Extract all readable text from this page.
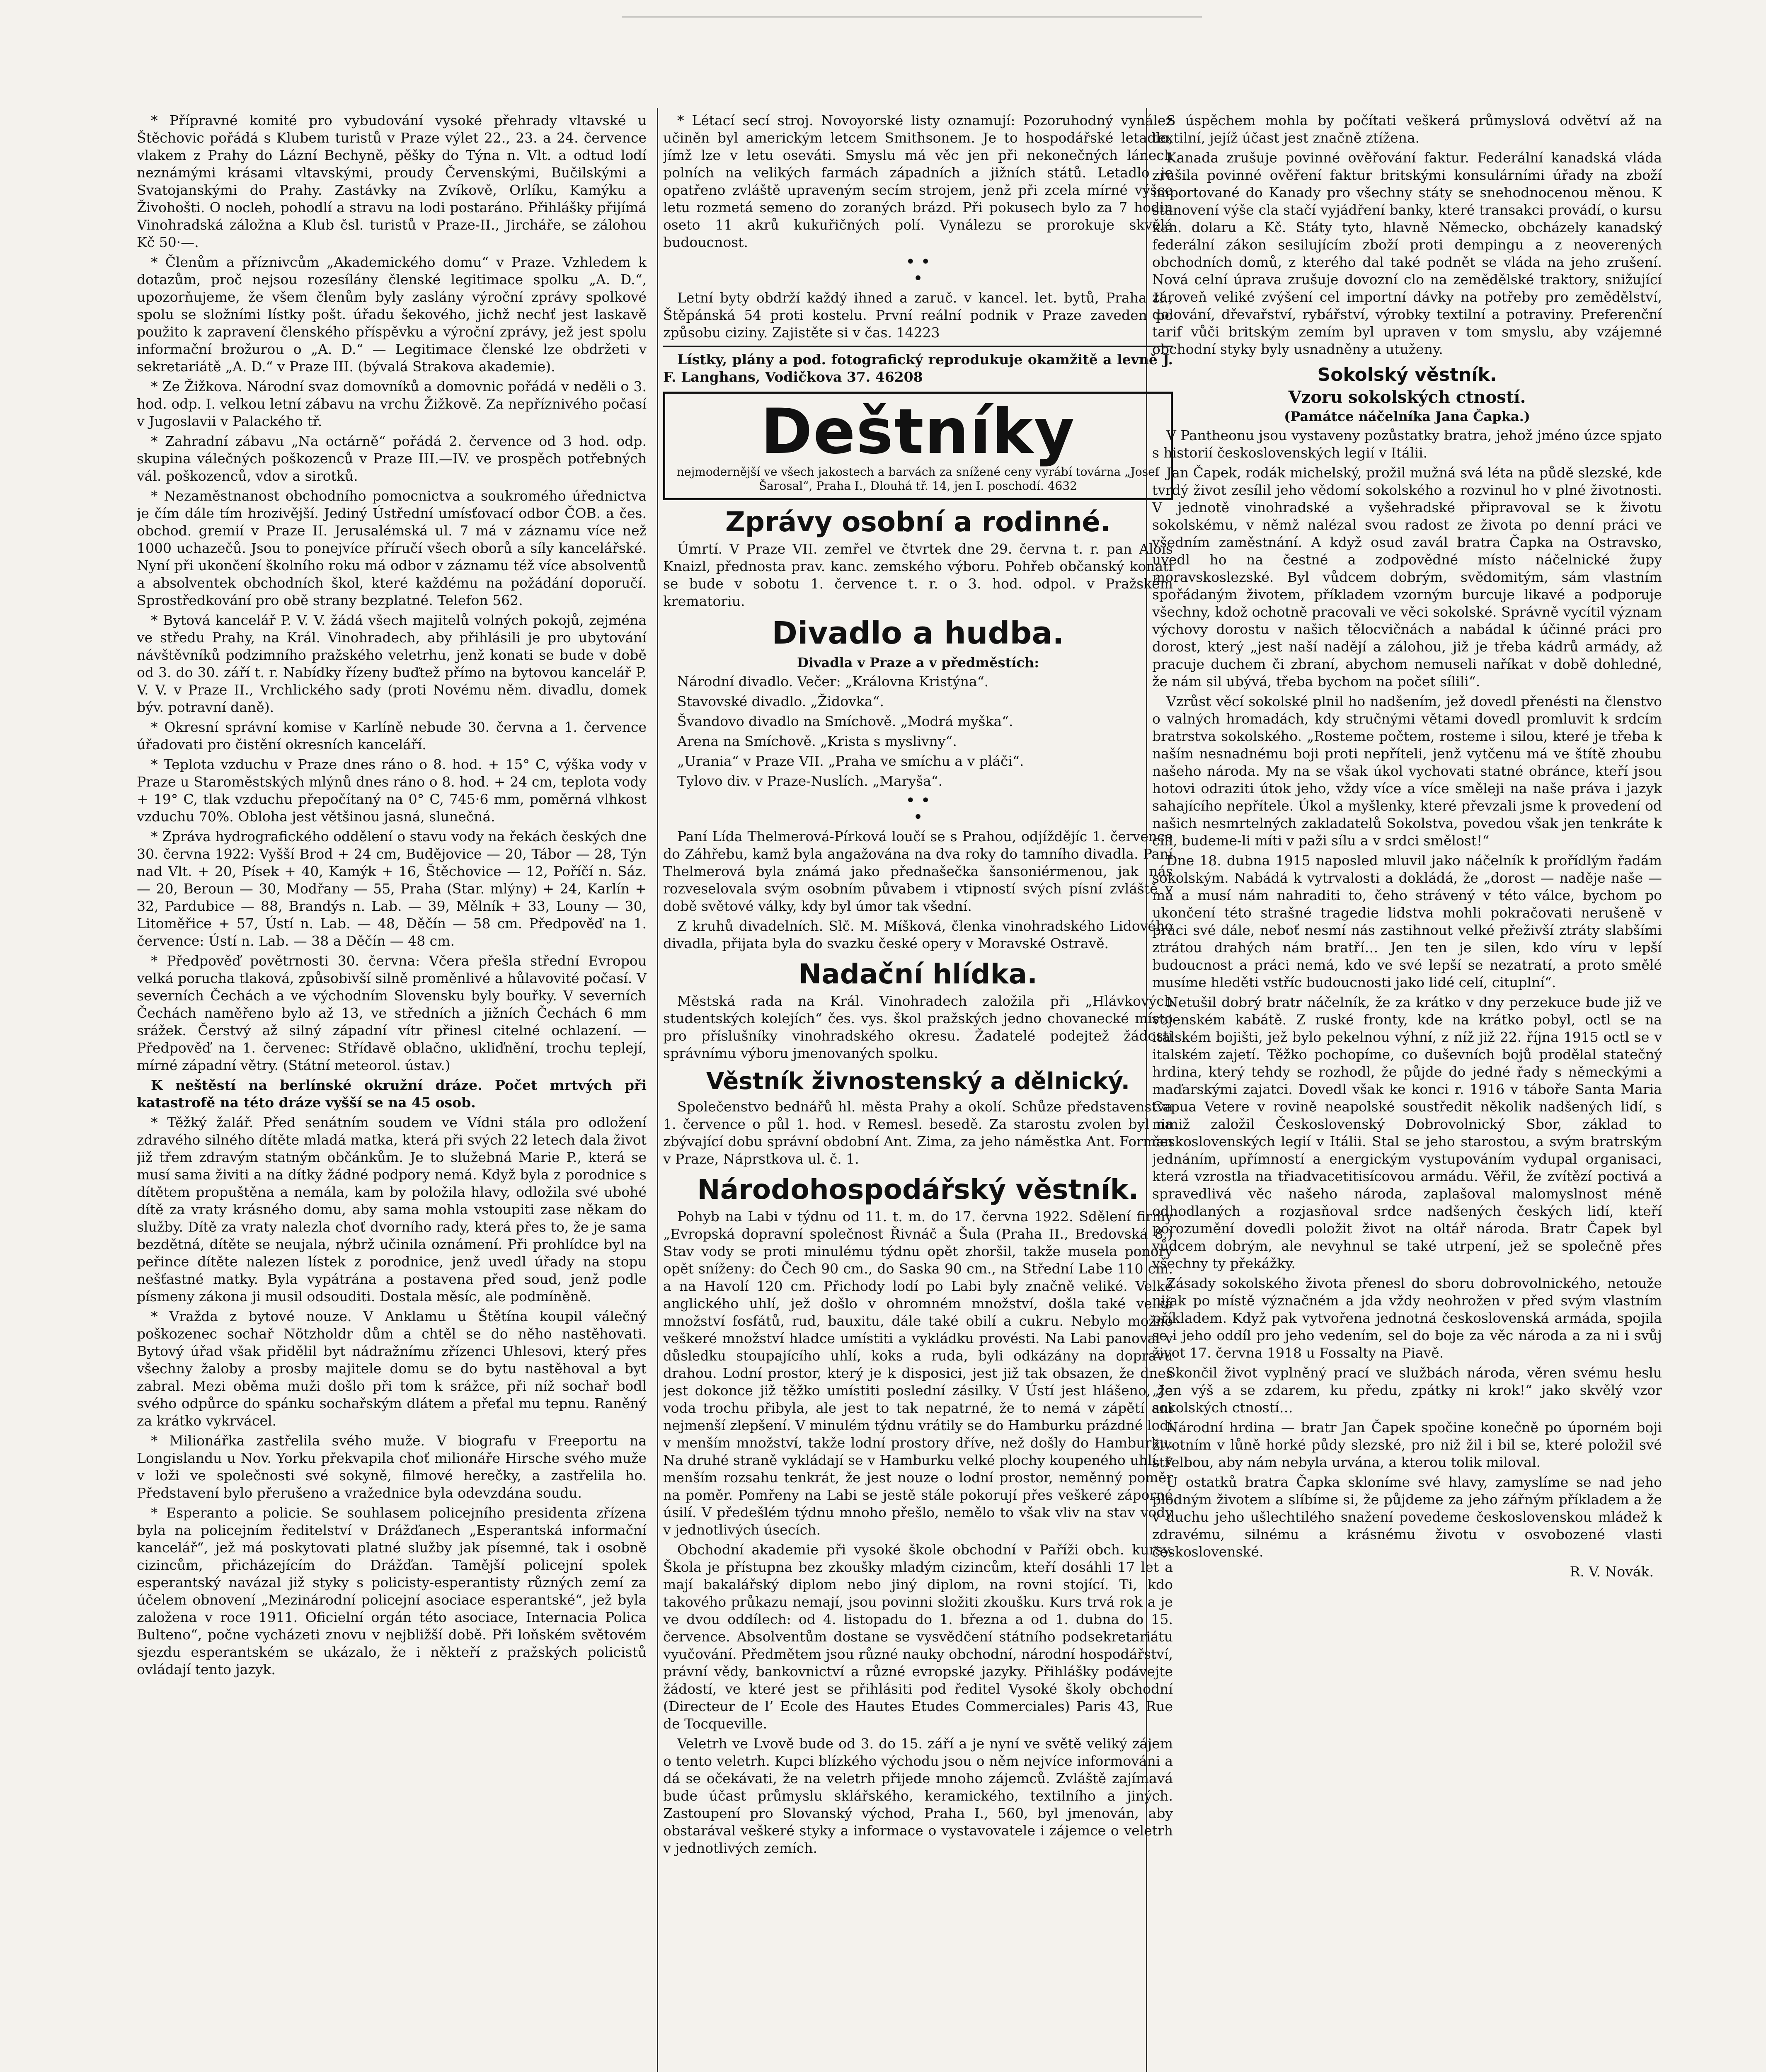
* Přípravné komité pro vybudování vysoké přehrady vltavské u Štěchovic pořádá s Klubem turistů v Praze výlet 22., 23. a 24. července vlakem z Prahy do Lázní Bechyně, pěšky do Týna n. Vlt. a odtud lodí neznámými krásami vltavskými, proudy Červenskými, Bučilskými a Svatojanskými do Prahy. Zastávky na Zvíkově, Orlíku, Kamýku a Živohošti. O nocleh, pohodlí a stravu na lodi postaráno. Přihlášky přijímá Vinohradská záložna a Klub čsl. turistů v Praze-II., Jircháře, se zálohou Kč 50·—.

* Členům a příznivcům „Akademického domu“ v Praze. Vzhledem k dotazům, proč nejsou rozesílány členské legitimace spolku „A. D.“, upozorňujeme, že všem členům byly zaslány výroční zprávy spolkové spolu se složními lístky pošt. úřadu šekového, jichž nechť jest laskavě použito k zapravení členského příspěvku a výroční zprávy, jež jest spolu informační brožurou o „A. D.“ — Legitimace členské lze obdržeti v sekretariátě „A. D.“ v Praze III. (bývalá Strakova akademie).

* Ze Žižkova. Národní svaz domovníků a domovnic pořádá v neděli o 3. hod. odp. I. velkou letní zábavu na vrchu Žižkově. Za nepříznivého počasí v Jugoslavii v Palackého tř.

* Zahradní zábavu „Na octárně“ pořádá 2. července od 3 hod. odp. skupina válečných poškozenců v Praze III.—IV. ve prospěch potřebných vál. poškozenců, vdov a sirotků.

* Nezaměstnanost obchodního pomocnictva a soukromého úřednictva je čím dále tím hrozivější. Jediný Ústřední umísťovací odbor ČOB. a čes. obchod. gremií v Praze II. Jerusalémská ul. 7 má v záznamu více než 1000 uchazečů. Jsou to ponejvíce příručí všech oborů a síly kancelářské. Nyní při ukončení školního roku má odbor v záznamu též více absolventů a absolventek obchodních škol, které každému na požádání doporučí. Sprostředkování pro obě strany bezplatné. Telefon 562.

* Bytová kancelář P. V. V. žádá všech majitelů volných pokojů, zejména ve středu Prahy, na Král. Vinohradech, aby přihlásili je pro ubytování návštěvníků podzimního pražského veletrhu, jenž konati se bude v době od 3. do 30. září t. r. Nabídky řízeny buďtež přímo na bytovou kancelář P. V. V. v Praze II., Vrchlického sady (proti Novému něm. divadlu, domek býv. potravní daně).

* Okresní správní komise v Karlíně nebude 30. června a 1. července úřadovati pro čistění okresních kanceláří.

* Teplota vzduchu v Praze dnes ráno o 8. hod. + 15° C, výška vody v Praze u Staroměstských mlýnů dnes ráno o 8. hod. + 24 cm, teplota vody + 19° C, tlak vzduchu přepočítaný na 0° C, 745·6 mm, poměrná vlhkost vzduchu 70%. Obloha jest většinou jasná, slunečná.

* Zpráva hydrografického oddělení o stavu vody na řekách českých dne 30. června 1922: Vyšší Brod + 24 cm, Budějovice — 20, Tábor — 28, Týn nad Vlt. + 20, Písek + 40, Kamýk + 16, Štěchovice — 12, Poříčí n. Sáz. — 20, Beroun — 30, Modřany — 55, Praha (Star. mlýny) + 24, Karlín + 32, Pardubice — 88, Brandýs n. Lab. — 39, Mělník + 33, Louny — 30, Litoměřice + 57, Ústí n. Lab. — 48, Děčín — 58 cm. Předpověď na 1. července: Ústí n. Lab. — 38 a Děčín — 48 cm.

* Předpověď povětrnosti 30. června: Včera přešla střední Evropou velká porucha tlaková, způsobivší silně proměnlivé a hůlavovité počasí. V severních Čechách a ve východním Slovensku byly bouřky. V severních Čechách naměřeno bylo až 13, ve středních a jižních Čechách 6 mm srážek. Čerstvý až silný západní vítr přinesl citelné ochlazení. — Předpověď na 1. červenec: Střídavě oblačno, ukliďnění, trochu teplejí, mírné západní větry. (Státní meteorol. ústav.)

K neštěstí na berlínské okružní dráze. Počet mrtvých při katastrofě na této dráze vyšší se na 45 osob.

* Těžký žalář. Před senátním soudem ve Vídni stála pro odložení zdravého silného dítěte mladá matka, která při svých 22 letech dala život již třem zdravým statným občánkům. Je to služebná Marie P., která se musí sama živiti a na dítky žádné podpory nemá. Když byla z porodnice s dítětem propuštěna a nemála, kam by položila hlavy, odložila své ubohé dítě za vraty krásného domu, aby sama mohla vstoupiti zase někam do služby. Dítě za vraty nalezla choť dvorního rady, která přes to, že je sama bezdětná, dítěte se neujala, nýbrž učinila oznámení. Při prohlídce byl na peřince dítěte nalezen lístek z porodnice, jenž uvedl úřady na stopu nešťastné matky. Byla vypátrána a postavena před soud, jenž podle písmeny zákona ji musil odsouditi. Dostala měsíc, ale podmíněně.

* Vražda z bytové nouze. V Anklamu u Štětína koupil válečný poškozenec sochař Nötzholdr dům a chtěl se do něho nastěhovati. Bytový úřad však přidělil byt nádražnímu zřízenci Uhlesovi, který přes všechny žaloby a prosby majitele domu se do bytu nastěhoval a byt zabral. Mezi oběma muži došlo při tom k srážce, při níž sochař bodl svého odpůrce do spánku sochařským dlátem a přeťal mu tepnu. Raněný za krátko vykrvácel.

* Milionářka zastřelila svého muže. V biografu v Freeportu na Longislandu u Nov. Yorku překvapila choť milionáře Hirsche svého muže v loži ve společnosti své sokyně, filmové herečky, a zastřelila ho. Představení bylo přerušeno a vražednice byla odevzdána soudu.

* Esperanto a policie. Se souhlasem policejního presidenta zřízena byla na policejním ředitelství v Drážďanech „Esperantská informační kancelář“, jež má poskytovati platné služby jak písemné, tak i osobně cizincům, přicházejícím do Drážďan. Tamější policejní spolek esperantský navázal již styky s policisty-esperantisty různých zemí za účelem obnovení „Mezinárodní policejní asociace esperantské“, jež byla založena v roce 1911. Oficielní orgán této asociace, Internacia Polica Bulteno“, počne vycházeti znovu v nejbližší době. Při loňském světovém sjezdu esperantském se ukázalo, že i někteří z pražských policistů ovládají tento jazyk.

* Létací secí stroj. Novoyorské listy oznamují: Pozoruhodný vynález učiněn byl americkým letcem Smithsonem. Je to hospodářské letadlo, jímž lze v letu oseváti. Smyslu má věc jen při nekonečných lánech polních na velikých farmách západních a jižních států. Letadlo je opatřeno zvláště upraveným secím strojem, jenž při zcela mírné výšce letu rozmetá semeno do zoraných brázd. Při pokusech bylo za 7 hodin oseto 11 akrů kukuřičných polí. Vynálezu se prorokuje skvělá budoucnost.

• •
•

Letní byty obdrží každý ihned a zaruč. v kancel. let. bytů, Praha II., Štěpánská 54 proti kostelu. První reální podnik v Praze zaveden po způsobu ciziny. Zajistěte si v čas. 14223

Lístky, plány a pod. fotografický reprodukuje okamžitě a levně J. F. Langhans, Vodičkova 37. 46208

Deštníky
nejmodernější ve všech jakostech a barvách za snížené ceny vyrábí továrna „Josef Šarosal“, Praha I., Dlouhá tř. 14, jen I. poschodí. 4632
Zprávy osobní a rodinné.

Úmrtí. V Praze VII. zemřel ve čtvrtek dne 29. června t. r. pan Alois Knaizl, přednosta prav. kanc. zemského výboru. Pohřeb občanský konati se bude v sobotu 1. července t. r. o 3. hod. odpol. v Pražském krematoriu.

Divadlo a hudba.
Divadla v Praze a v předměstích:

Národní divadlo. Večer: „Královna Kristýna“.

Stavovské divadlo. „Židovka“.

Švandovo divadlo na Smíchově. „Modrá myška“.

Arena na Smíchově. „Krista s myslivny“.

„Urania“ v Praze VII. „Praha ve smíchu a v pláči“.

Tylovo div. v Praze-Nuslích. „Maryša“.

• •
•

Paní Lída Thelmerová-Pírková loučí se s Prahou, odjíždějíc 1. července do Záhřebu, kamž byla angažována na dva roky do tamního divadla. Paní Thelmerová byla známá jako přednašečka šansoniérmenou, jak nás rozveselovala svým osobním půvabem i vtipností svých písní zvláště v době světové války, kdy byl úmor tak všední.

Z kruhů divadelních. Slč. M. Míšková, členka vinohradského Lidového divadla, přijata byla do svazku české opery v Moravské Ostravě.

Nadační hlídka.

Městská rada na Král. Vinohradech založila při „Hlávkových studentských kolejích“ čes. vys. škol pražských jedno chovanecké místo pro příslušníky vinohradského okresu. Žadatelé podejtež žádosti správnímu výboru jmenovaných spolku.

Věstník živnostenský a dělnický.

Společenstvo bednářů hl. města Prahy a okolí. Schůze představenstva 1. července o půl 1. hod. v Remesl. besedě. Za starostu zvolen byl na zbývající dobu správní obdobní Ant. Zima, za jeho náměstka Ant. Forman v Praze, Náprstkova ul. č. 1.

Národohospodářský věstník.

Pohyb na Labi v týdnu od 11. t. m. do 17. června 1922. Sdělení firmy „Evropská dopravní společnost Řivnáč a Šula (Praha II., Bredovská 8.) Stav vody se proti minulému týdnu opět zhoršil, takže musela ponory opět sníženy: do Čech 90 cm., do Saska 90 cm., na Střední Labe 110 cm. a na Havolí 120 cm. Přichody lodí po Labi byly značně veliké. Velké anglického uhlí, jež došlo v ohromném množství, došla také velká množství fosfátů, rud, bauxitu, dále také obilí a cukru. Nebylo možno veškeré množství hladce umístiti a vykládku provésti. Na Labi panoval v důsledku stoupajícího uhlí, koks a ruda, byli odkázány na dopravu drahou. Lodní prostor, který je k disposici, jest již tak obsazen, že dnes jest dokonce již těžko umístiti poslední zásilky. V Ústí jest hlášeno, že voda trochu přibyla, ale jest to tak nepatrné, že to nemá v zápětí ani nejmenší zlepšení. V minulém týdnu vrátily se do Hamburku prázdné lodi v menším množství, takže lodní prostory dříve, než došly do Hamburku. Na druhé straně vykládají se v Hamburku velké plochy koupeného uhlí, v menším rozsahu tenkrát, že jest nouze o lodní prostor, neměnný poměr na poměr. Pomřeny na Labi se jestě stále pokorují přes veškeré záporné úsilí. V předešlém týdnu mnoho přešlo, nemělo to však vliv na stav vody v jednotlivých úsecích.

Obchodní akademie při vysoké škole obchodní v Paříži obch. kursy. Škola je přístupna bez zkoušky mladým cizincům, kteří dosáhli 17 let a mají bakalářský diplom nebo jiný diplom, na rovni stojící. Ti, kdo takového průkazu nemají, jsou povinni složiti zkoušku. Kurs trvá rok a je ve dvou oddílech: od 4. listopadu do 1. března a od 1. dubna do 15. července. Absolventům dostane se vysvědčení státního podsekretariátu vyučování. Předmětem jsou různé nauky obchodní, národní hospodářství, právní vědy, bankovnictví a různé evropské jazyky. Přihlášky podávejte žádostí, ve které jest se přihlásiti pod ředitel Vysoké školy obchodní (Directeur de l’ Ecole des Hautes Etudes Commerciales) Paris 43, Rue de Tocqueville.

Veletrh ve Lvově bude od 3. do 15. září a je nyní ve světě veliký zájem o tento veletrh. Kupci blízkého východu jsou o něm nejvíce informováni a dá se očekávati, že na veletrh přijede mnoho zájemců. Zvláště zajímavá bude účast průmyslu sklářského, keramického, textilního a jiných. Zastoupení pro Slovanský východ, Praha I., 560, byl jmenován, aby obstarával veškeré styky a informace o vystavovatele i zájemce o veletrh v jednotlivých zemích.

S úspěchem mohla by počítati veškerá průmyslová odvětví až na textilní, jejíž účast jest značně ztížena.

Kanada zrušuje povinné ověřování faktur. Federální kanadská vláda zrušila povinné ověření faktur britskými konsulárními úřady na zboží importované do Kanady pro všechny státy se snehodnocenou měnou. K stanovení výše cla stačí vyjádření banky, které transakci provádí, o kursu kan. dolaru a Kč. Státy tyto, hlavně Německo, obcházely kanadský federální zákon sesilujícím zboží proti dempingu a z neoverených obchodních domů, z kterého dal také podnět se vláda na jeho zrušení. Nová celní úprava zrušuje dovozní clo na zemědělské traktory, snižující zároveň veliké zvýšení cel importní dávky na potřeby pro zemědělství, dolování, dřevařství, rybářství, výrobky textilní a potraviny. Preferenční tarif vůči britským zemím byl upraven v tom smyslu, aby vzájemné obchodní styky byly usnadněny a utuženy.

Sokolský věstník.
Vzoru sokolských ctností.
(Památce náčelníka Jana Čapka.)

V Pantheonu jsou vystaveny pozůstatky bratra, jehož jméno úzce spjato s historií československých legií v Itálii.

Jan Čapek, rodák michelský, prožil mužná svá léta na půdě slezské, kde tvrdý život zesílil jeho vědomí sokolského a rozvinul ho v plné životnosti. V jednotě vinohradské a vyšehradské připravoval se k životu sokolskému, v němž nalézal svou radost ze života po denní práci ve všedním zaměstnání. A když osud zavál bratra Čapka na Ostravsko, uvedl ho na čestné a zodpovědné místo náčelnické župy moravskoslezské. Byl vůdcem dobrým, svědomitým, sám vlastním spořádaným životem, příkladem vzorným burcuje likavé a podporuje všechny, kdož ochotně pracovali ve věci sokolské. Správně vycítil význam výchovy dorostu v našich tělocvičnách a nabádal k účinné práci pro dorost, který „jest naší nadějí a zálohou, již je třeba kádrů armády, až pracuje duchem či zbraní, abychom nemuseli naříkat v době dohledné, že nám sil ubývá, třeba bychom na počet sílili“.

Vzrůst věcí sokolské plnil ho nadšením, jež dovedl přenésti na členstvo o valných hromadách, kdy stručnými větami dovedl promluvit k srdcím bratrstva sokolského. „Rosteme počtem, rosteme i silou, které je třeba k naším nesnadnému boji proti nepříteli, jenž vytčenu má ve štítě zhoubu našeho národa. My na se však úkol vychovati statné obránce, kteří jsou hotovi odraziti útok jeho, vždy více a více směleji na naše práva i jazyk sahajícího nepřítele. Úkol a myšlenky, které převzali jsme k provedení od našich nesmrtelných zakladatelů Sokolstva, povedou však jen tenkráte k cíli, budeme-li míti v paži sílu a v srdci smělost!“

Dne 18. dubna 1915 naposled mluvil jako náčelník k prořídlým řadám sokolským. Nabádá k vytrvalosti a dokládá, že „dorost — naděje naše — má a musí nám nahraditi to, čeho strávený v této válce, bychom po ukončení této strašné tragedie lidstva mohli pokračovati nerušeně v práci své dále, neboť nesmí nás zastihnout velké přeživší ztráty slabšími ztrátou drahých nám bratří… Jen ten je silen, kdo víru v lepší budoucnost a práci nemá, kdo ve své lepší se nezatratí, a proto smělé musíme hleděti vstříc budoucnosti jako lidé celí, cituplní“.

Netušil dobrý bratr náčelník, že za krátko v dny perzekuce bude již ve vojenském kabátě. Z ruské fronty, kde na krátko pobyl, octl se na italském bojišti, jež bylo pekelnou výhní, z níž již 22. října 1915 octl se v italském zajetí. Těžko pochopíme, co duševních bojů prodělal statečný hrdina, který tehdy se rozhodl, že půjde do jedné řady s německými a maďarskými zajatci. Dovedl však ke konci r. 1916 v táboře Santa Maria Capua Vetere v rovině neapolské soustředit několik nadšených lidí, s nimiž založil Československý Dobrovolnický Sbor, základ to československých legií v Itálii. Stal se jeho starostou, a svým bratrským jednáním, upřímností a energickým vystupováním vydupal organisaci, která vzrostla na třiadvacetitisícovou armádu. Věřil, že zvítězí poctivá a spravedlivá věc našeho národa, zaplašoval malomyslnost méně odhodlaných a rozjasňoval srdce nadšených českých lidí, kteří porozumění dovedli položit život na oltář národa. Bratr Čapek byl vůdcem dobrým, ale nevyhnul se také utrpení, jež se společně přes všechny ty překážky.

Zásady sokolského života přenesl do sboru dobrovolnického, netouže nijak po místě význačném a jda vždy neohrožen v před svým vlastním příkladem. Když pak vytvořena jednotná československá armáda, spojila se i jeho oddíl pro jeho vedením, sel do boje za věc národa a za ni i svůj život 17. června 1918 u Fossalty na Piavě.

Skončil život vyplněný prací ve službách národa, věren svému heslu „Jen výš a se zdarem, ku předu, zpátky ni krok!“ jako skvělý vzor sokolských ctností…

Národní hrdina — bratr Jan Čapek spočine konečně po úporném boji životním v lůně horké půdy slezské, pro niž žil i bil se, které položil své střelbou, aby nám nebyla urvána, a kterou tolik miloval.

U ostatků bratra Čapka skloníme své hlavy, zamyslíme se nad jeho plodným životem a slíbíme si, že půjdeme za jeho zářným příkladem a že v duchu jeho ušlechtilého snažení povedeme československou mládež k zdravému, silnému a krásnému životu v osvobozené vlasti československé.

R. V. Novák.
